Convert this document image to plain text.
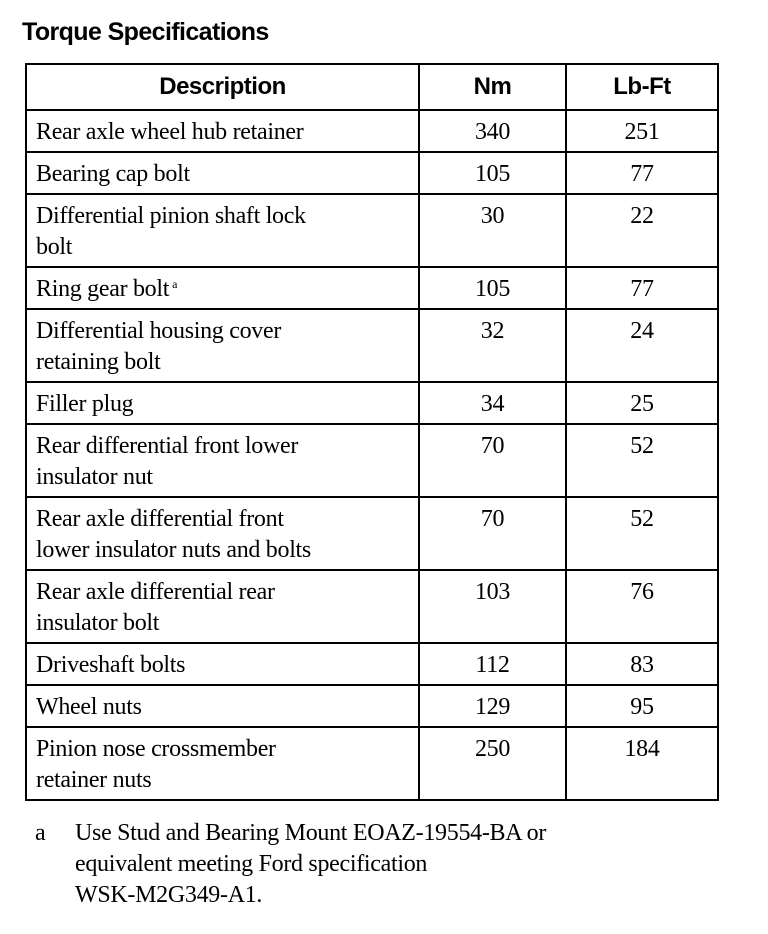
Torque Specifications
Description	Nm	Lb-Ft

Rear axle wheel hub retainer	340	251

Bearing cap bolt	105	77

Differential pinion shaft lock
bolt	30	22

Ring gear bolt $^a$	105	77

Differential housing cover
retaining bolt	32	24

Filler plug	34	25

Rear differential front lower
insulator nut	70	52

Rear axle differential front
lower insulator nuts and bolts	70	52

Rear axle differential rear
insulator bolt	103	76

Driveshaft bolts	112	83

Wheel nuts	129	95

Pinion nose crossmember
retainer nuts	250	184
a	Use Stud and Bearing Mount EOAZ-19554-BA or
equivalent meeting Ford specification
WSK-M2G349-A1.
